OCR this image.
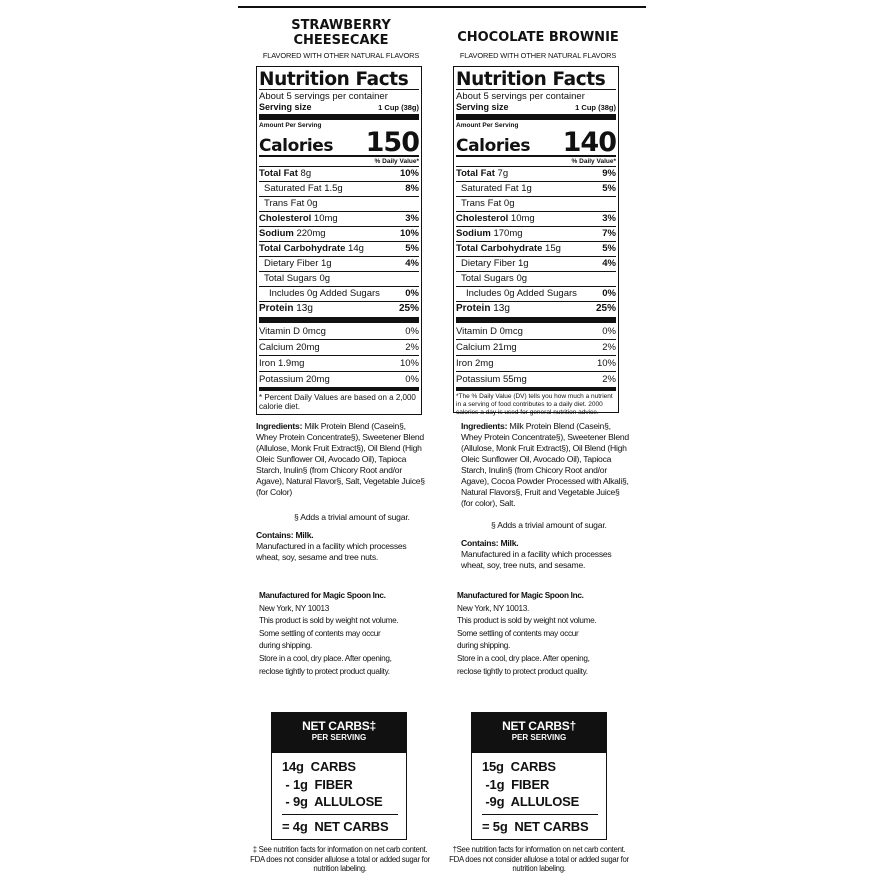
STRAWBERRY CHEESECAKE
FLAVORED WITH OTHER NATURAL FLAVORS
Nutrition Facts
About 5 servings per container
Serving size	1 Cup (38g)
Amount Per Serving
Calories 150
% Daily Value*
Total Fat 8g	10%
Saturated Fat 1.5g	8%
Trans Fat 0g
Cholesterol 10mg	3%
Sodium 220mg	10%
Total Carbohydrate 14g	5%
Dietary Fiber 1g	4%
Total Sugars 0g
Includes 0g Added Sugars	0%
Protein 13g	25%
Vitamin D 0mcg	0%
Calcium 20mg	2%
Iron 1.9mg	10%
Potassium 20mg	0%
* Percent Daily Values are based on a 2,000 calorie diet.
Ingredients: Milk Protein Blend (Casein§, Whey Protein Concentrate§), Sweetener Blend (Allulose, Monk Fruit Extract§), Oil Blend (High Oleic Sunflower Oil, Avocado Oil), Tapioca Starch, Inulin§ (from Chicory Root and/or Agave), Natural Flavor§, Salt, Vegetable Juice§ (for Color)
§ Adds a trivial amount of sugar.
Contains: Milk.
Manufactured in a facility which processes wheat, soy, sesame and tree nuts.
Manufactured for Magic Spoon Inc.
New York, NY 10013
This product is sold by weight not volume.
Some settling of contents may occur
during shipping.
Store in a cool, dry place. After opening,
reclose tightly to protect product quality.
NET CARBS‡
PER SERVING
14g  CARBS
- 1g  FIBER
- 9g  ALLULOSE
= 4g  NET CARBS
‡ See nutrition facts for information on net carb content. FDA does not consider allulose a total or added sugar for nutrition labeling.
CHOCOLATE BROWNIE
FLAVORED WITH OTHER NATURAL FLAVORS
Nutrition Facts
About 5 servings per container
Serving size	1 Cup (38g)
Amount Per Serving
Calories 140
% Daily Value*
Total Fat 7g	9%
Saturated Fat 1g	5%
Trans Fat 0g
Cholesterol 10mg	3%
Sodium 170mg	7%
Total Carbohydrate 15g	5%
Dietary Fiber 1g	4%
Total Sugars 0g
Includes 0g Added Sugars	0%
Protein 13g	25%
Vitamin D 0mcg	0%
Calcium 21mg	2%
Iron 2mg	10%
Potassium 55mg	2%
*The % Daily Value (DV) tells you how much a nutrient in a serving of food contributes to a daily diet. 2000 calories a day is used for general nutrition advice.
Ingredients: Milk Protein Blend (Casein§, Whey Protein Concentrate§), Sweetener Blend (Allulose, Monk Fruit Extract§), Oil Blend (High Oleic Sunflower Oil, Avocado Oil), Tapioca Starch, Inulin§ (from Chicory Root and/or Agave), Cocoa Powder Processed with Alkali§, Natural Flavors§, Fruit and Vegetable Juice§ (for color), Salt.
§ Adds a trivial amount of sugar.
Contains: Milk.
Manufactured in a facility which processes wheat, soy, tree nuts, and sesame.
Manufactured for Magic Spoon Inc.
New York, NY 10013.
This product is sold by weight not volume.
Some settling of contents may occur
during shipping.
Store in a cool, dry place. After opening,
reclose tightly to protect product quality.
NET CARBS†
PER SERVING
15g  CARBS
-1g  FIBER
-9g  ALLULOSE
= 5g  NET CARBS
†See nutrition facts for information on net carb content. FDA does not consider allulose a total or added sugar for nutrition labeling.
